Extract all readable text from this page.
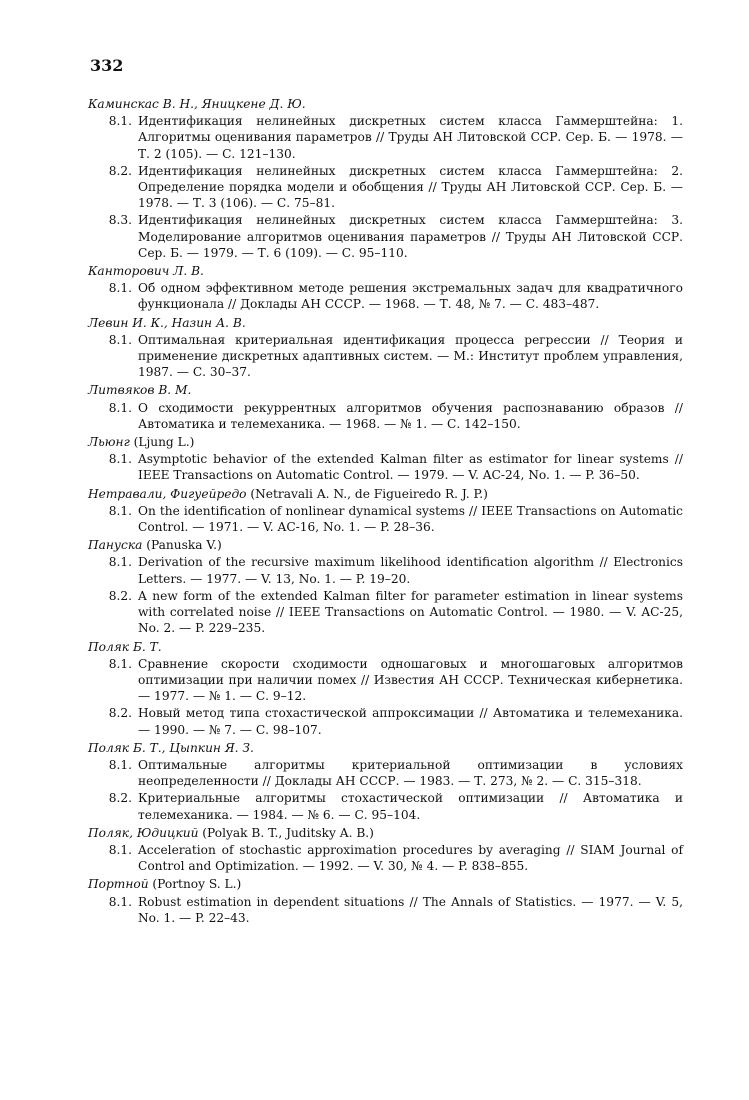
332
Каминскас В. Н., Яницкене Д. Ю.
8.1. Идентификация нелинейных дискретных систем класса Гаммерштейна: 1. Алгоритмы оценивания параметров // Труды АН Литовской ССР. Сер. Б. — 1978. — Т. 2 (105). — С. 121–130.
8.2. Идентификация нелинейных дискретных систем класса Гаммерштейна: 2. Определение порядка модели и обобщения // Труды АН Литовской ССР. Сер. Б. — 1978. — Т. 3 (106). — С. 75–81.
8.3. Идентификация нелинейных дискретных систем класса Гаммерштейна: 3. Моделирование алгоритмов оценивания параметров // Труды АН Литовской ССР. Сер. Б. — 1979. — Т. 6 (109). — С. 95–110.
Канторович Л. В.
8.1. Об одном эффективном методе решения экстремальных задач для квадратичного функционала // Доклады АН СССР. — 1968. — Т. 48, № 7. — С. 483–487.
Левин И. К., Назин А. В.
8.1. Оптимальная критериальная идентификация процесса регрессии // Теория и применение дискретных адаптивных систем. — М.: Институт проблем управления, 1987. — С. 30–37.
Литвяков В. М.
8.1. О сходимости рекуррентных алгоритмов обучения распознаванию образов // Автоматика и телемеханика. — 1968. — № 1. — С. 142–150.
Льюнг (Ljung L.)
8.1. Asymptotic behavior of the extended Kalman filter as estimator for linear systems // IEEE Transactions on Automatic Control. — 1979. — V. AC-24, No. 1. — P. 36–50.
Нетравали, Фигуейредо (Netravali A. N., de Figueiredo R. J. P.)
8.1. On the identification of nonlinear dynamical systems // IEEE Transactions on Automatic Control. — 1971. — V. AC-16, No. 1. — P. 28–36.
Пануска (Panuska V.)
8.1. Derivation of the recursive maximum likelihood identification algorithm // Electronics Letters. — 1977. — V. 13, No. 1. — P. 19–20.
8.2. A new form of the extended Kalman filter for parameter estimation in linear systems with correlated noise // IEEE Transactions on Automatic Control. — 1980. — V. AC-25, No. 2. — P. 229–235.
Поляк Б. Т.
8.1. Сравнение скорости сходимости одношаговых и многошаговых алгоритмов оптимизации при наличии помех // Известия АН СССР. Техническая кибернетика. — 1977. — № 1. — С. 9–12.
8.2. Новый метод типа стохастической аппроксимации // Автоматика и телемеханика. — 1990. — № 7. — С. 98–107.
Поляк Б. Т., Цыпкин Я. З.
8.1. Оптимальные алгоритмы критериальной оптимизации в условиях неопределенности // Доклады АН СССР. — 1983. — Т. 273, № 2. — С. 315–318.
8.2. Критериальные алгоритмы стохастической оптимизации // Автоматика и телемеханика. — 1984. — № 6. — С. 95–104.
Поляк, Юдицкий (Polyak B. T., Juditsky A. B.)
8.1. Acceleration of stochastic approximation procedures by averaging // SIAM Journal of Control and Optimization. — 1992. — V. 30, № 4. — P. 838–855.
Портной (Portnoy S. L.)
8.1. Robust estimation in dependent situations // The Annals of Statistics. — 1977. — V. 5, No. 1. — P. 22–43.
